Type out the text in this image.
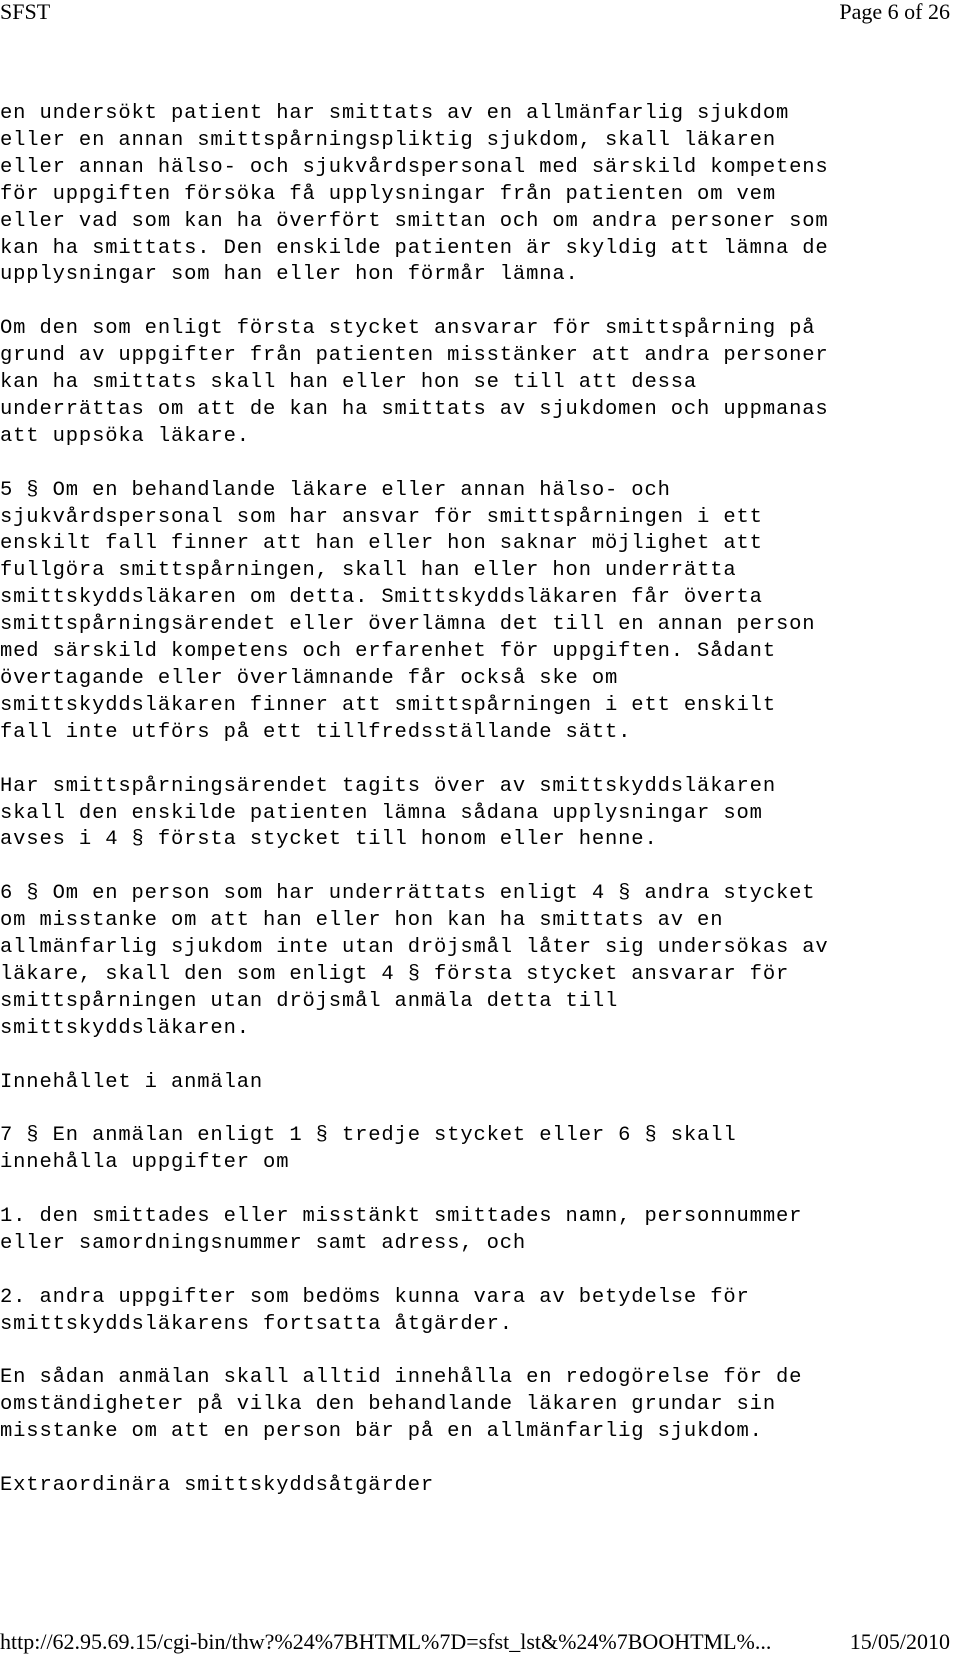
SFST	Page 6 of 26

en undersökt patient har smittats av en allmänfarlig sjukdom
eller en annan smittspårningspliktig sjukdom, skall läkaren
eller annan hälso- och sjukvårdspersonal med särskild kompetens
för uppgiften försöka få upplysningar från patienten om vem
eller vad som kan ha överfört smittan och om andra personer som
kan ha smittats. Den enskilde patienten är skyldig att lämna de
upplysningar som han eller hon förmår lämna.

Om den som enligt första stycket ansvarar för smittspårning på
grund av uppgifter från patienten misstänker att andra personer
kan ha smittats skall han eller hon se till att dessa
underrättas om att de kan ha smittats av sjukdomen och uppmanas
att uppsöka läkare.

5 § Om en behandlande läkare eller annan hälso- och
sjukvårdspersonal som har ansvar för smittspårningen i ett
enskilt fall finner att han eller hon saknar möjlighet att
fullgöra smittspårningen, skall han eller hon underrätta
smittskyddsläkaren om detta. Smittskyddsläkaren får överta
smittspårningsärendet eller överlämna det till en annan person
med särskild kompetens och erfarenhet för uppgiften. Sådant
övertagande eller överlämnande får också ske om
smittskyddsläkaren finner att smittspårningen i ett enskilt
fall inte utförs på ett tillfredsställande sätt.

Har smittspårningsärendet tagits över av smittskyddsläkaren
skall den enskilde patienten lämna sådana upplysningar som
avses i 4 § första stycket till honom eller henne.

6 § Om en person som har underrättats enligt 4 § andra stycket
om misstanke om att han eller hon kan ha smittats av en
allmänfarlig sjukdom inte utan dröjsmål låter sig undersökas av
läkare, skall den som enligt 4 § första stycket ansvarar för
smittspårningen utan dröjsmål anmäla detta till
smittskyddsläkaren.

Innehållet i anmälan

7 § En anmälan enligt 1 § tredje stycket eller 6 § skall
innehålla uppgifter om

1. den smittades eller misstänkt smittades namn, personnummer
eller samordningsnummer samt adress, och

2. andra uppgifter som bedöms kunna vara av betydelse för
smittskyddsläkarens fortsatta åtgärder.

En sådan anmälan skall alltid innehålla en redogörelse för de
omständigheter på vilka den behandlande läkaren grundar sin
misstanke om att en person bär på en allmänfarlig sjukdom.

Extraordinära smittskyddsåtgärder

http://62.95.69.15/cgi-bin/thw?%24%7BHTML%7D=sfst_lst&%24%7BOOHTML%...	15/05/2010
